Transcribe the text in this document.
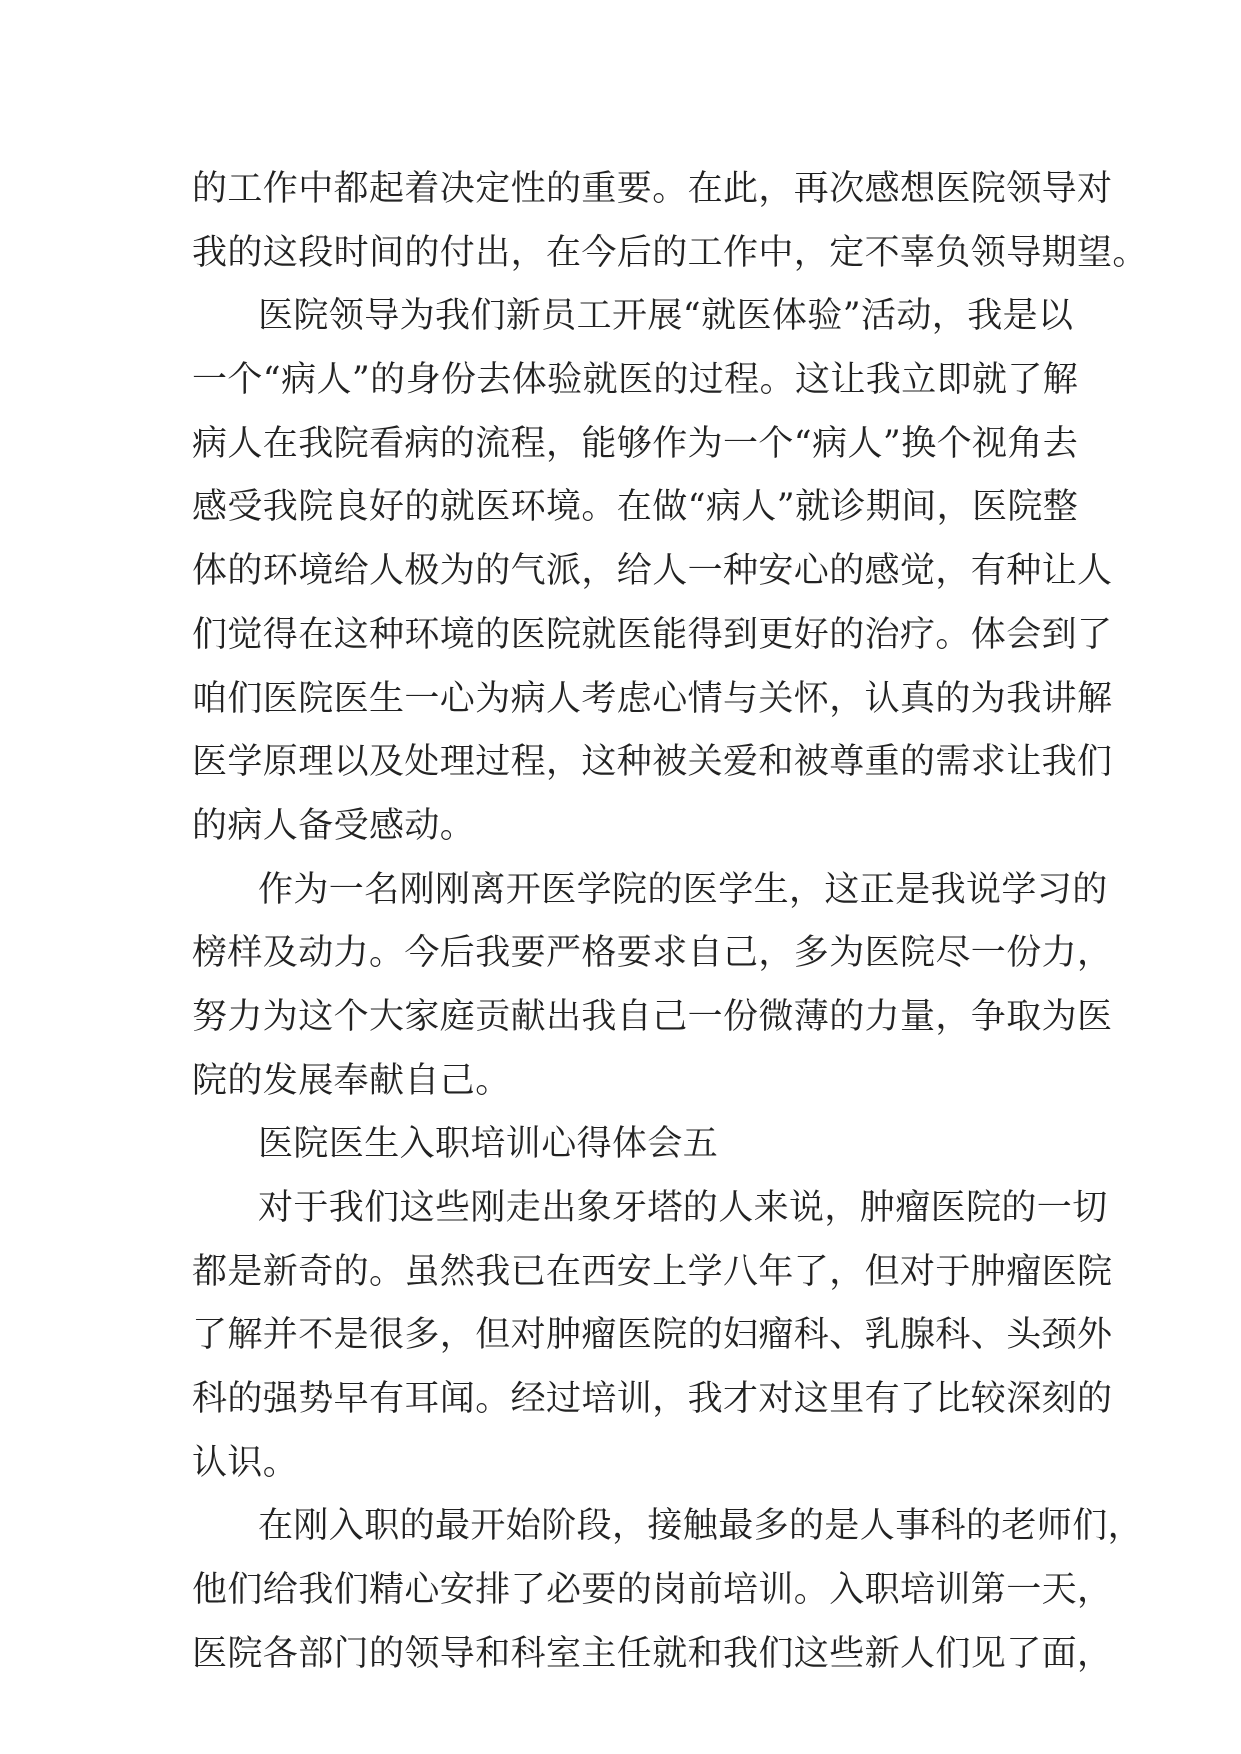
的工作中都起着决定性的重要。在此，再次感想医院领导对
我的这段时间的付出，在今后的工作中，定不辜负领导期望。
医院领导为我们新员工开展“就医体验”活动，我是以
一个“病人”的身份去体验就医的过程。这让我立即就了解
病人在我院看病的流程，能够作为一个“病人”换个视角去
感受我院良好的就医环境。在做“病人”就诊期间，医院整
体的环境给人极为的气派，给人一种安心的感觉，有种让人
们觉得在这种环境的医院就医能得到更好的治疗。体会到了
咱们医院医生一心为病人考虑心情与关怀，认真的为我讲解
医学原理以及处理过程，这种被关爱和被尊重的需求让我们
的病人备受感动。
作为一名刚刚离开医学院的医学生，这正是我说学习的
榜样及动力。今后我要严格要求自己，多为医院尽一份力，
努力为这个大家庭贡献出我自己一份微薄的力量，争取为医
院的发展奉献自己。
医院医生入职培训心得体会五
对于我们这些刚走出象牙塔的人来说，肿瘤医院的一切
都是新奇的。虽然我已在西安上学八年了，但对于肿瘤医院
了解并不是很多，但对肿瘤医院的妇瘤科、乳腺科、头颈外
科的强势早有耳闻。经过培训，我才对这里有了比较深刻的
认识。
在刚入职的最开始阶段，接触最多的是人事科的老师们，
他们给我们精心安排了必要的岗前培训。入职培训第一天，
医院各部门的领导和科室主任就和我们这些新人们见了面，
